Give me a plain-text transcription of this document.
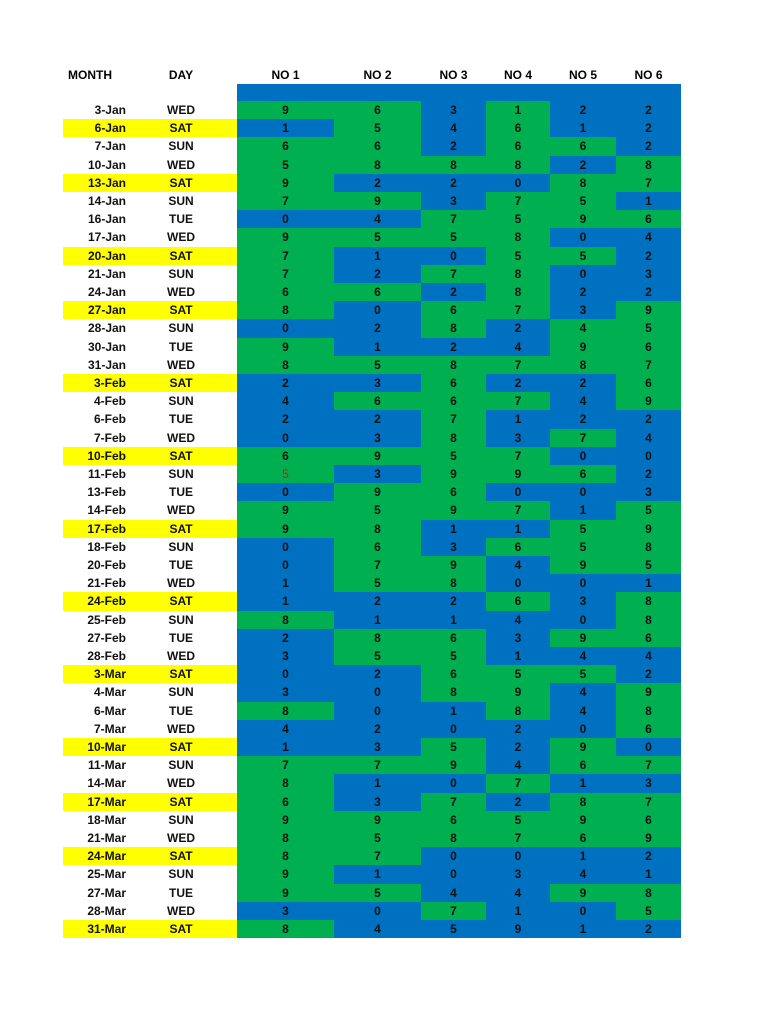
MONTH	DAY	NO 1	NO 2	NO 3	NO 4	NO 5	NO 6
3-Jan	WED	9	6	3	1	2	2
6-Jan	SAT	1	5	4	6	1	2
7-Jan	SUN	6	6	2	6	6	2
10-Jan	WED	5	8	8	8	2	8
13-Jan	SAT	9	2	2	0	8	7
14-Jan	SUN	7	9	3	7	5	1
16-Jan	TUE	0	4	7	5	9	6
17-Jan	WED	9	5	5	8	0	4
20-Jan	SAT	7	1	0	5	5	2
21-Jan	SUN	7	2	7	8	0	3
24-Jan	WED	6	6	2	8	2	2
27-Jan	SAT	8	0	6	7	3	9
28-Jan	SUN	0	2	8	2	4	5
30-Jan	TUE	9	1	2	4	9	6
31-Jan	WED	8	5	8	7	8	7
3-Feb	SAT	2	3	6	2	2	6
4-Feb	SUN	4	6	6	7	4	9
6-Feb	TUE	2	2	7	1	2	2
7-Feb	WED	0	3	8	3	7	4
10-Feb	SAT	6	9	5	7	0	0
11-Feb	SUN	5	3	9	9	6	2
13-Feb	TUE	0	9	6	0	0	3
14-Feb	WED	9	5	9	7	1	5
17-Feb	SAT	9	8	1	1	5	9
18-Feb	SUN	0	6	3	6	5	8
20-Feb	TUE	0	7	9	4	9	5
21-Feb	WED	1	5	8	0	0	1
24-Feb	SAT	1	2	2	6	3	8
25-Feb	SUN	8	1	1	4	0	8
27-Feb	TUE	2	8	6	3	9	6
28-Feb	WED	3	5	5	1	4	4
3-Mar	SAT	0	2	6	5	5	2
4-Mar	SUN	3	0	8	9	4	9
6-Mar	TUE	8	0	1	8	4	8
7-Mar	WED	4	2	0	2	0	6
10-Mar	SAT	1	3	5	2	9	0
11-Mar	SUN	7	7	9	4	6	7
14-Mar	WED	8	1	0	7	1	3
17-Mar	SAT	6	3	7	2	8	7
18-Mar	SUN	9	9	6	5	9	6
21-Mar	WED	8	5	8	7	6	9
24-Mar	SAT	8	7	0	0	1	2
25-Mar	SUN	9	1	0	3	4	1
27-Mar	TUE	9	5	4	4	9	8
28-Mar	WED	3	0	7	1	0	5
31-Mar	SAT	8	4	5	9	1	2
